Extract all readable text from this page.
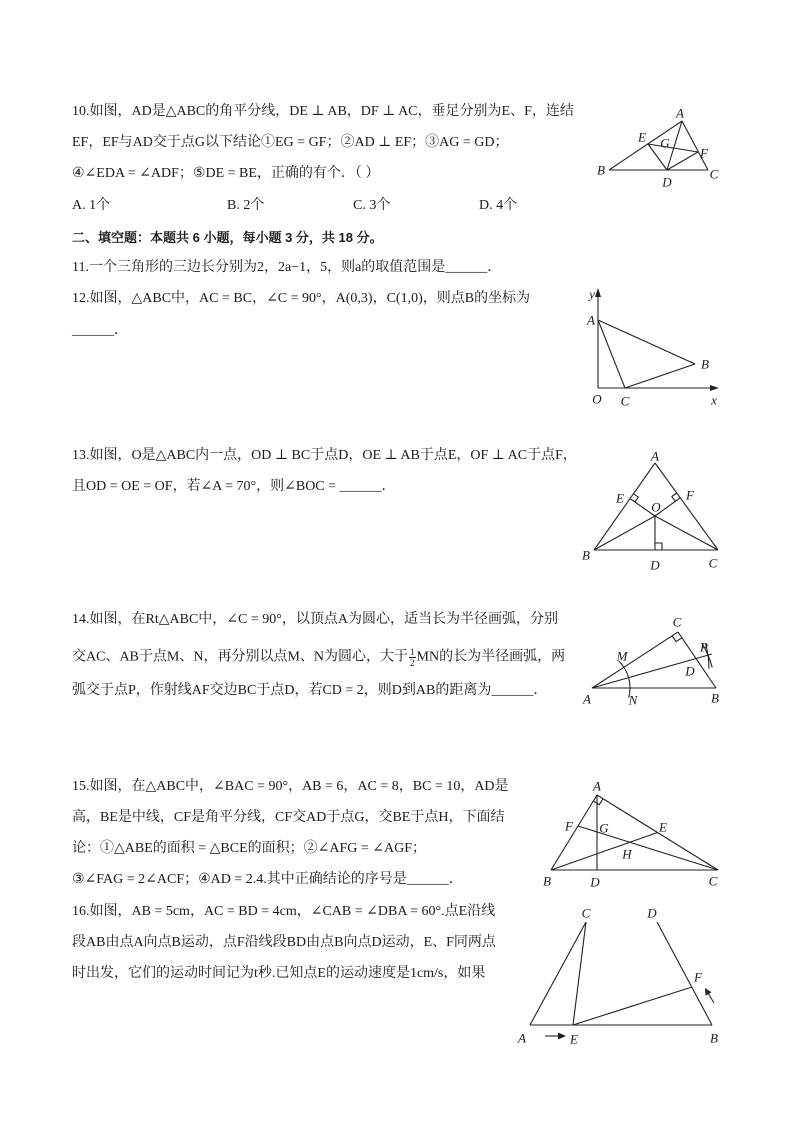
10.如图，AD是△ABC的角平分线，DE ⊥ AB，DF ⊥ AC，垂足分别为E、F，连结

EF，EF与AD交于点G以下结论①EG = GF；②AD ⊥ EF；③AG = GD；

④∠EDA = ∠ADF；⑤DE = BE，正确的有个．（ ）

A. 1个	B. 2个	C. 3个	D. 4个

二、填空题：本题共 6 小题，每小题 3 分，共 18 分。

11.一个三角形的三边长分别为2，2a−1，5，则a的取值范围是______．

12.如图，△ABC中，AC = BC，∠C = 90°，A(0,3)，C(1,0)，则点B的坐标为

______．

13.如图，O是△ABC内一点，OD ⊥ BC于点D，OE ⊥ AB于点E，OF ⊥ AC于点F，

且OD = OE = OF，若∠A = 70°，则∠BOC = ______．

14.如图，在Rt△ABC中，∠C = 90°，以顶点A为圆心，适当长为半径画弧，分别

交AC、AB于点M、N，再分别以点M、N为圆心，大于 $\frac{1}{2}$ MN的长为半径画弧，两

弧交于点P，作射线AF交边BC于点D，若CD = 2，则D到AB的距离为______．

15.如图，在△ABC中，∠BAC = 90°，AB = 6，AC = 8，BC = 10，AD是

高，BE是中线，CF是角平分线，CF交AD于点G，交BE于点H，下面结

论：①△ABE的面积 = △BCE的面积；②∠AFG = ∠AGF；

③∠FAG = 2∠ACF；④AD = 2.4.其中正确结论的序号是______．

16.如图，AB = 5cm，AC = BD = 4cm，∠CAB = ∠DBA = 60°.点E沿线

段AB由点A向点B运动，点F沿线段BD由点B向点D运动，E、F同两点

时出发，它们的运动时间记为t秒.已知点E的运动速度是1cm/s，如果

A
B	C
D
E
F
G
y
x
O
A
B
C
A
B
C
D
E	F
O
A	B
C
M
N
P
D
A
B	C
D
E
F G
H
A	B
C	D
E
F
